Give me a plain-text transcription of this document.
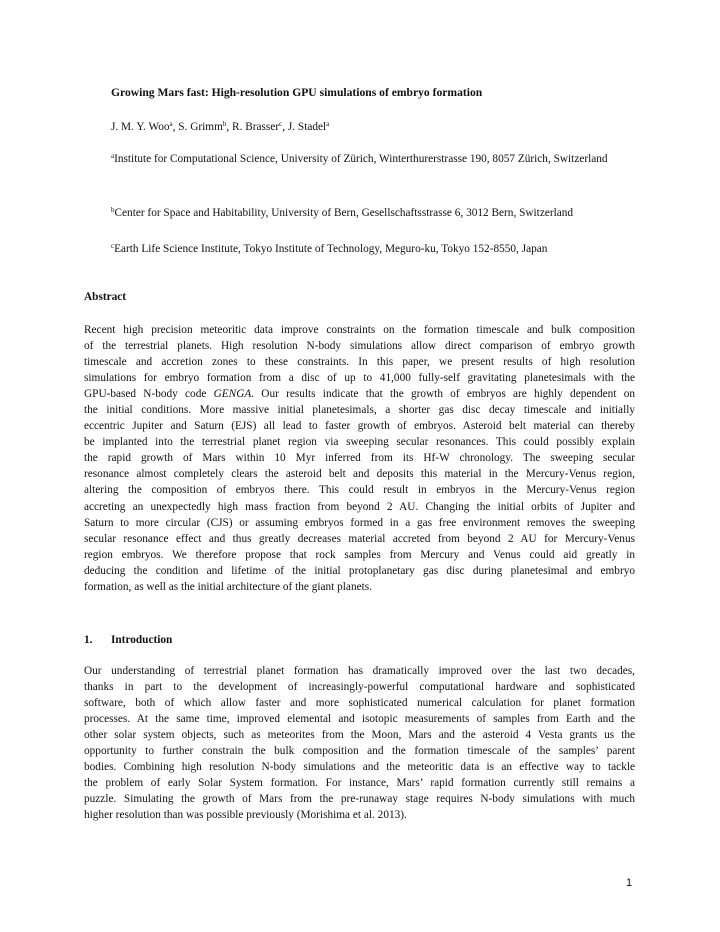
Growing Mars fast: High-resolution GPU simulations of embryo formation
J. M. Y. Woo$^a$, S. Grimm$^b$, R. Brasser$^c$, J. Stadel$^a$
$^a$Institute for Computational Science, University of Zürich, Winterthurerstrasse 190, 8057 Zürich, Switzerland
$^b$Center for Space and Habitability, University of Bern, Gesellschaftsstrasse 6, 3012 Bern, Switzerland
$^c$Earth Life Science Institute, Tokyo Institute of Technology, Meguro-ku, Tokyo 152-8550, Japan
Abstract
Recent high precision meteoritic data improve constraints on the formation timescale and bulk composition
of the terrestrial planets. High resolution N-body simulations allow direct comparison of embryo growth
timescale and accretion zones to these constraints. In this paper, we present results of high resolution
simulations for embryo formation from a disc of up to 41,000 fully-self gravitating planetesimals with the
GPU-based N-body code GENGA. Our results indicate that the growth of embryos are highly dependent on
the initial conditions. More massive initial planetesimals, a shorter gas disc decay timescale and initially
eccentric Jupiter and Saturn (EJS) all lead to faster growth of embryos. Asteroid belt material can thereby
be implanted into the terrestrial planet region via sweeping secular resonances. This could possibly explain
the rapid growth of Mars within 10 Myr inferred from its Hf-W chronology. The sweeping secular
resonance almost completely clears the asteroid belt and deposits this material in the Mercury-Venus region,
altering the composition of embryos there. This could result in embryos in the Mercury-Venus region
accreting an unexpectedly high mass fraction from beyond 2 AU. Changing the initial orbits of Jupiter and
Saturn to more circular (CJS) or assuming embryos formed in a gas free environment removes the sweeping
secular resonance effect and thus greatly decreases material accreted from beyond 2 AU for Mercury-Venus
region embryos. We therefore propose that rock samples from Mercury and Venus could aid greatly in
deducing the condition and lifetime of the initial protoplanetary gas disc during planetesimal and embryo
formation, as well as the initial architecture of the giant planets.
1. Introduction
Our understanding of terrestrial planet formation has dramatically improved over the last two decades,
thanks in part to the development of increasingly-powerful computational hardware and sophisticated
software, both of which allow faster and more sophisticated numerical calculation for planet formation
processes. At the same time, improved elemental and isotopic measurements of samples from Earth and the
other solar system objects, such as meteorites from the Moon, Mars and the asteroid 4 Vesta grants us the
opportunity to further constrain the bulk composition and the formation timescale of the samples’ parent
bodies. Combining high resolution N-body simulations and the meteoritic data is an effective way to tackle
the problem of early Solar System formation. For instance, Mars’ rapid formation currently still remains a
puzzle. Simulating the growth of Mars from the pre-runaway stage requires N-body simulations with much
higher resolution than was possible previously (Morishima et al. 2013).
1
